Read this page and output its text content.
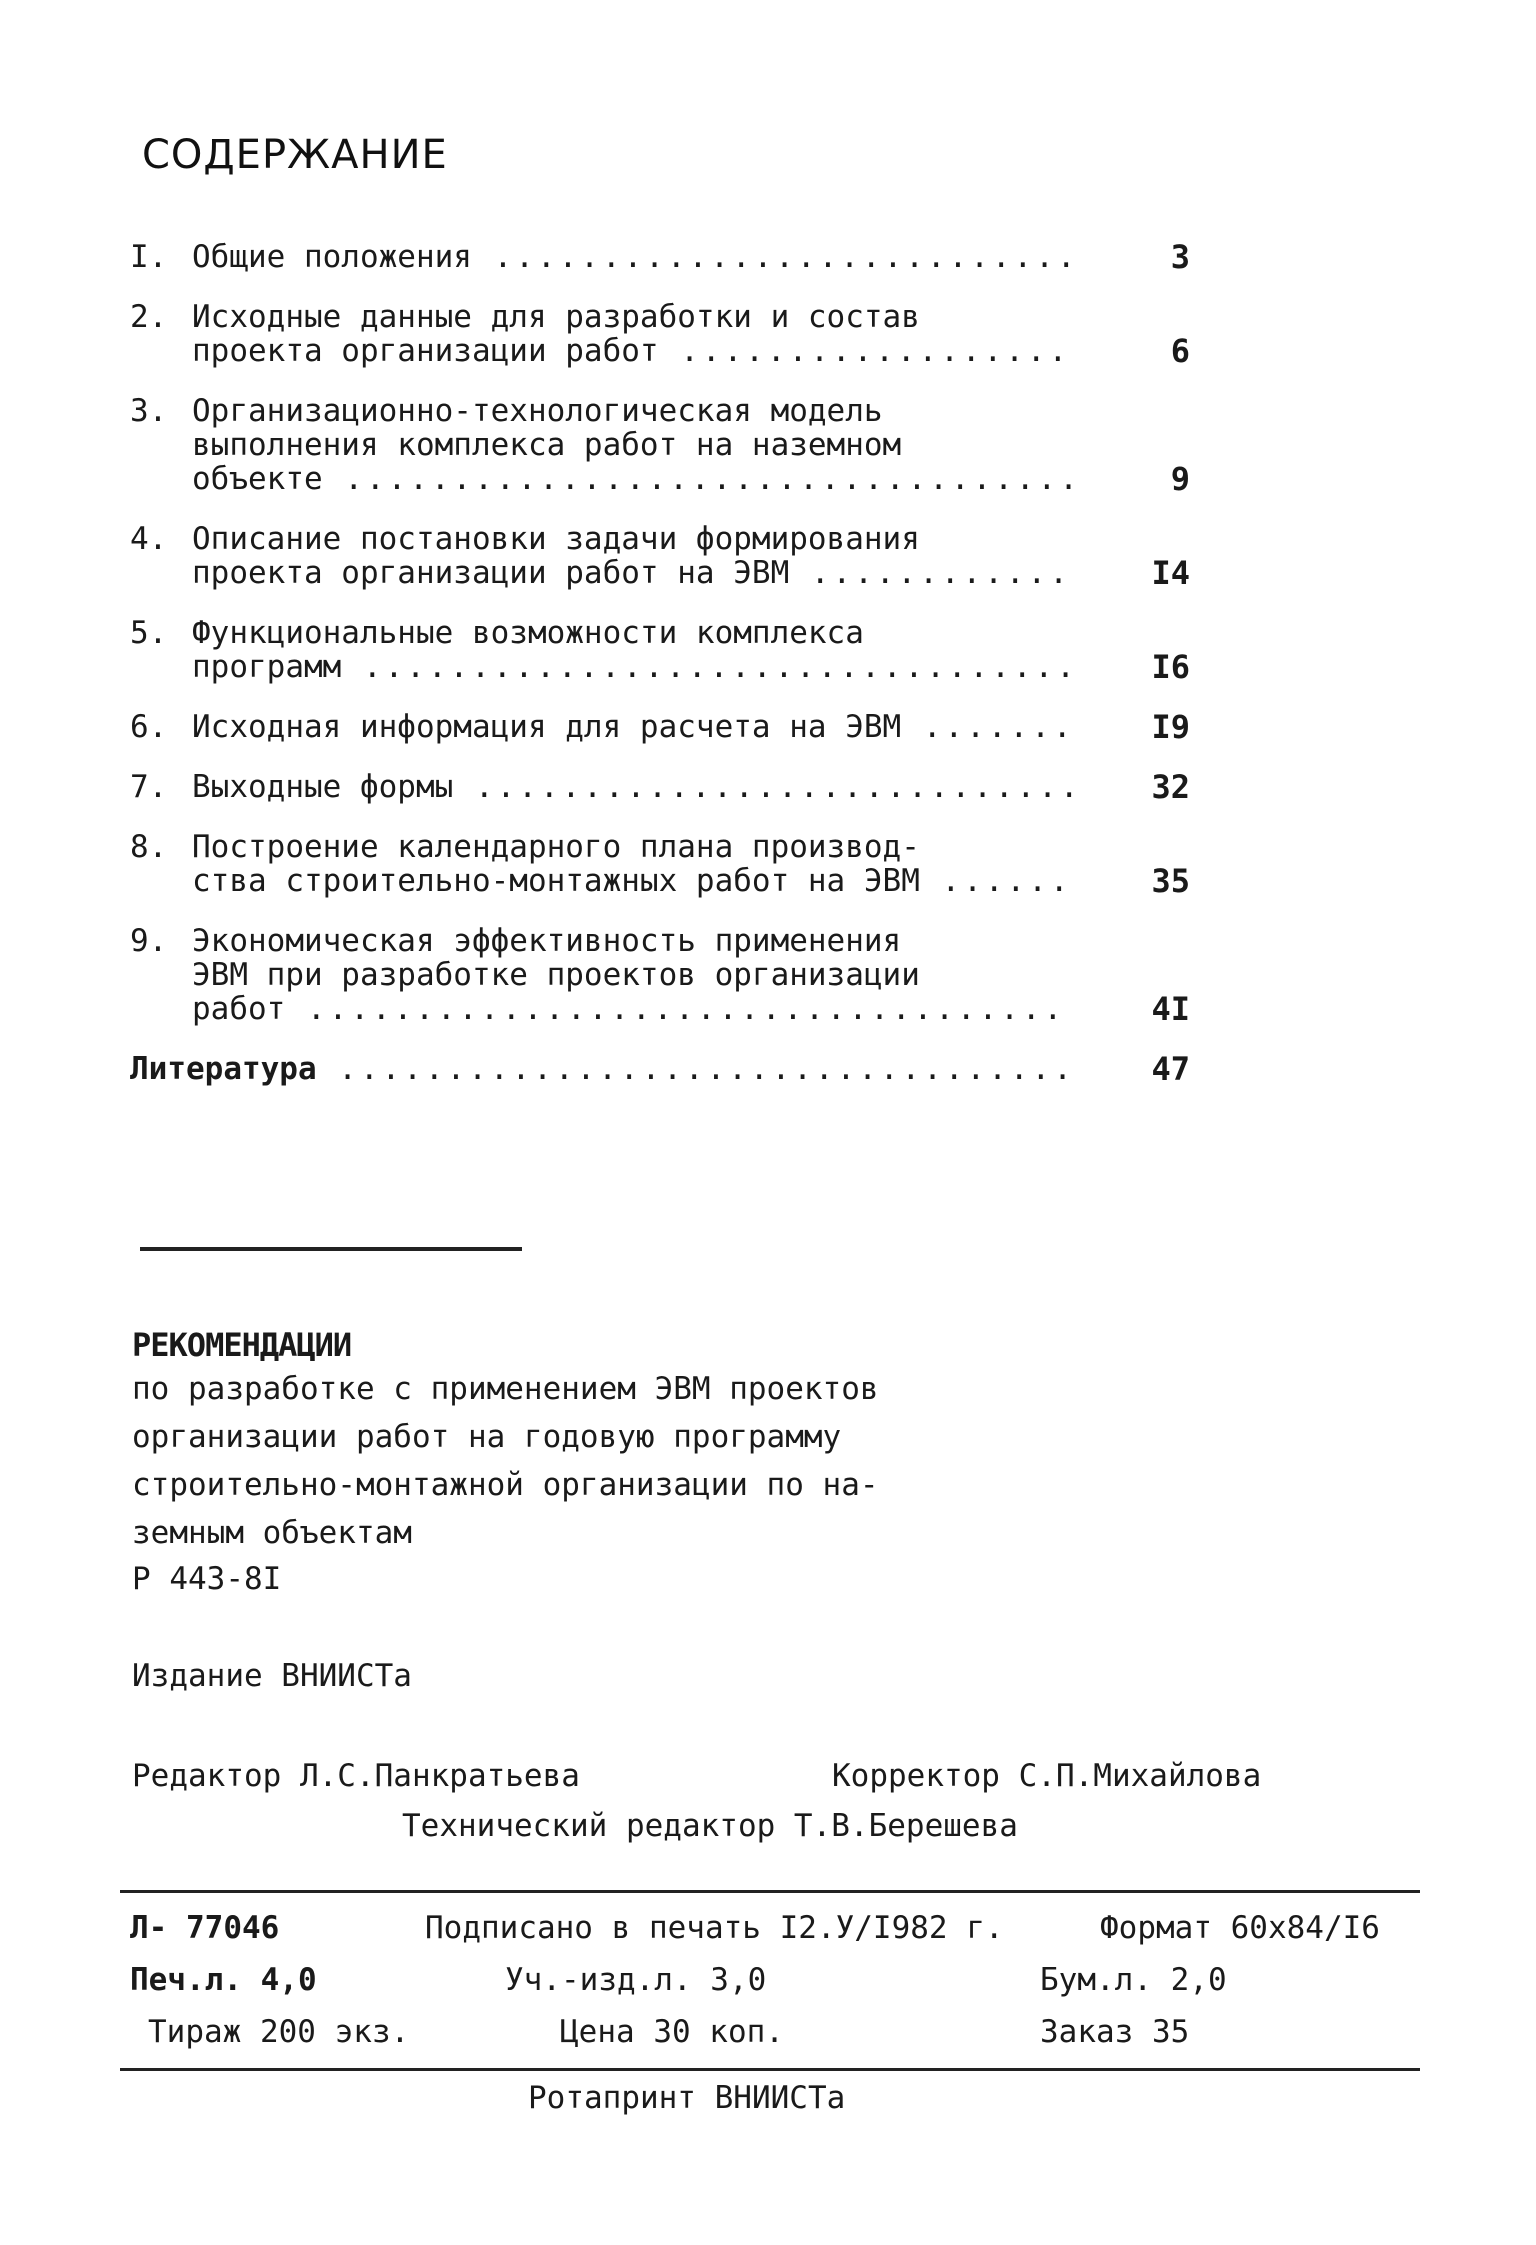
СОДЕРЖАНИЕ
I. Общие положения .....	3
2. Исходные данные для разработки и состав
проекта организации работ .....	6
3. Организационно-технологическая модель
выполнения комплекса работ на наземном
объекте .....	9
4. Описание постановки задачи формирования
проекта организации работ на ЭВМ .....	I4
5. Функциональные возможности комплекса
программ .....	I6
6. Исходная информация для расчета на ЭВМ .....	I9
7. Выходные формы .....	32
8. Построение календарного плана производ-
ства строительно-монтажных работ на ЭВМ .....	35
9. Экономическая эффективность применения
ЭВМ при разработке проектов организации
работ .....	4I
Литература .....	47
РЕКОМЕНДАЦИИ
по разработке с применением ЭВМ проектов
организации работ на годовую программу
строительно-монтажной организации по на-
земным объектам
Р 443-8I
Издание ВНИИСТа
Редактор Л.С.Панкратьева	Корректор С.П.Михайлова
Технический редактор Т.В.Берешева
Л- 77046	Подписано в печать I2.У/I982 г.	Формат 60х84/I6
Печ.л. 4,0	Уч.-изд.л. 3,0	Бум.л. 2,0
Тираж 200 экз.	Цена 30 коп.	Заказ 35
Ротапринт ВНИИСТа
